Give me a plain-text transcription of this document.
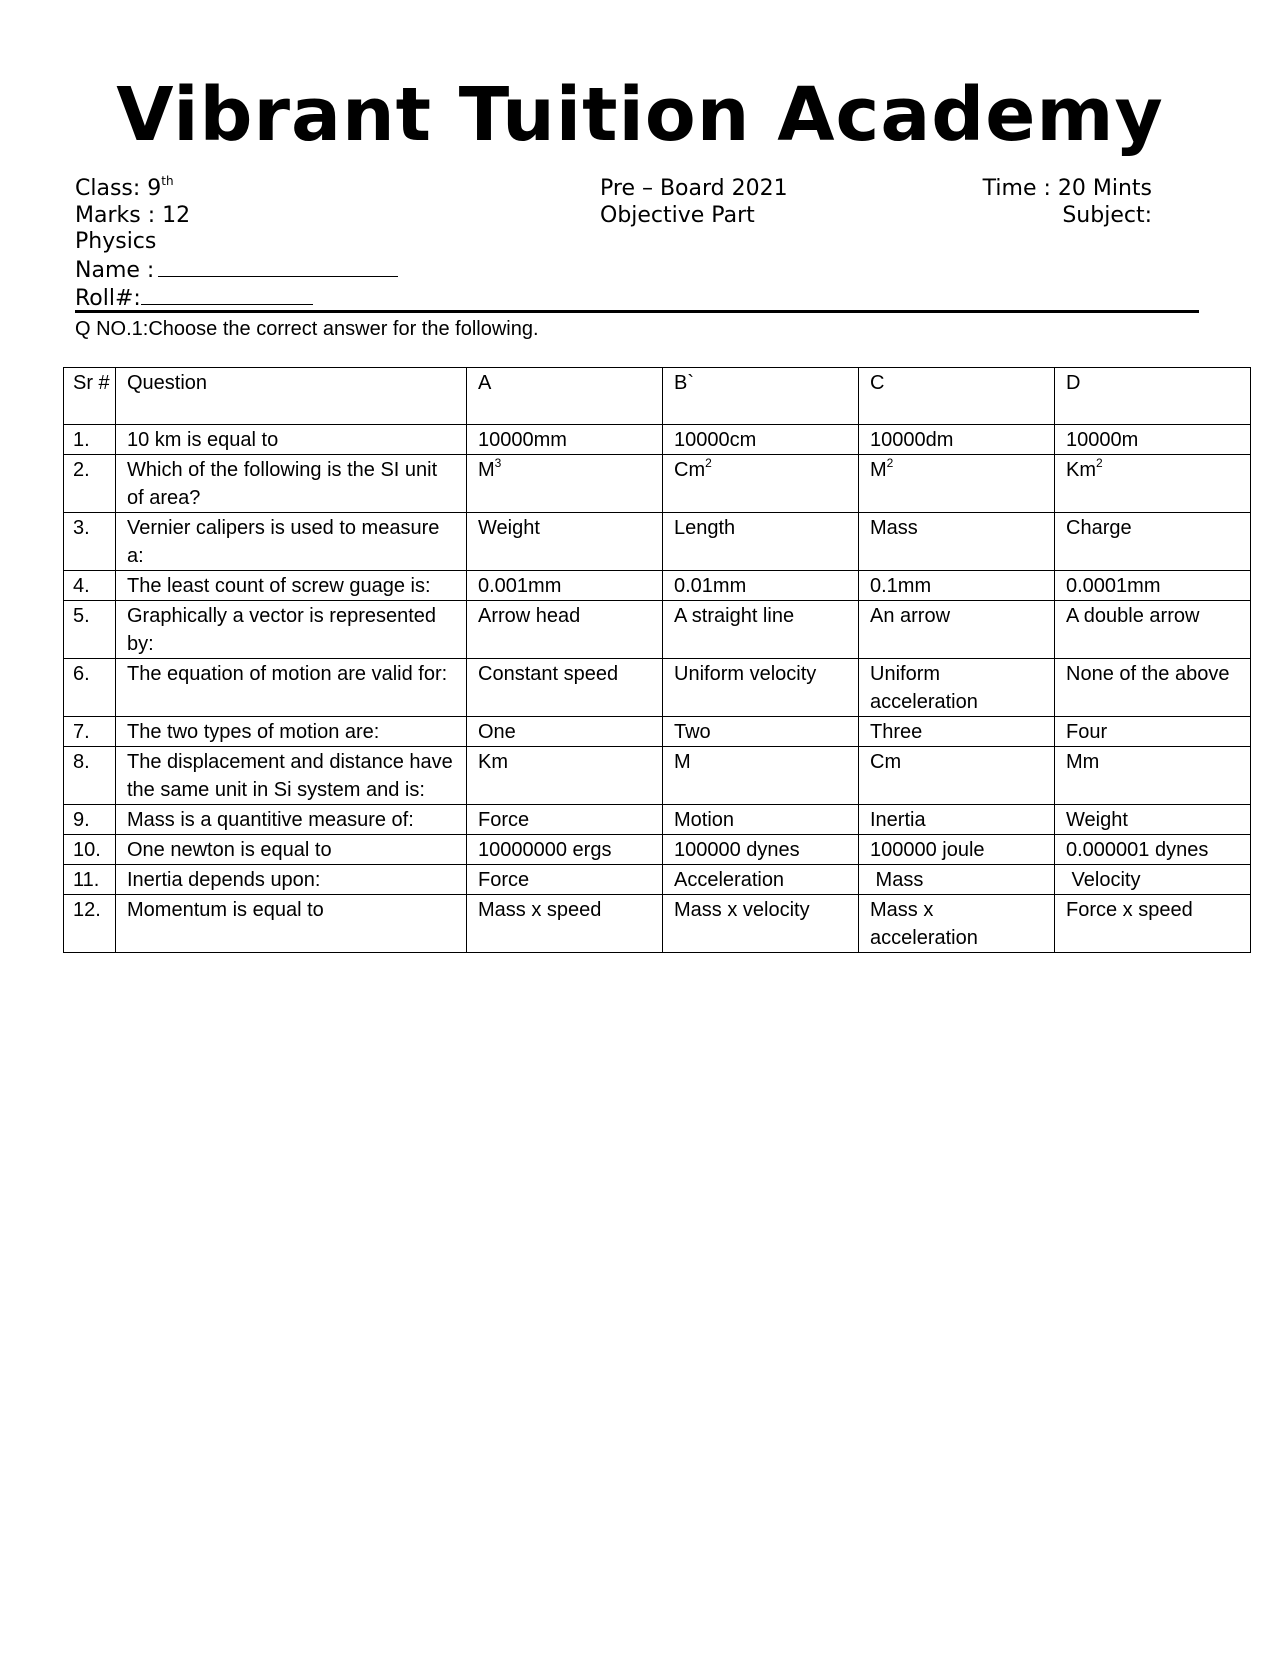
Vibrant Tuition Academy
Class: 9th
Marks : 12
Physics
Name :
Roll#:
Pre – Board 2021
Objective Part
Time : 20 Mints
Subject:
Q NO.1:Choose the correct answer for the following.
Sr #	Question	A	B`	C	D
1.	10 km is equal to	10000mm	10000cm	10000dm	10000m
2.	Which of the following is the SI unit of area?	$M^3$	Cm$^2$	$M^2$	Km$^2$
3.	Vernier calipers is used to measure a:	Weight	Length	Mass	Charge
4.	The least count of screw guage is:	0.001mm	0.01mm	0.1mm	0.0001mm
5.	Graphically a vector is represented by:	Arrow head	A straight line	An arrow	A double arrow
6.	The equation of motion are valid for:	Constant speed	Uniform velocity	Uniform acceleration	None of the above
7.	The two types of motion are:	One	Two	Three	Four
8.	The displacement and distance have the same unit in Si system and is:	Km	M	Cm	Mm
9.	Mass is a quantitive measure of:	Force	Motion	Inertia	Weight
10.	One newton is equal to	10000000 ergs	100000 dynes	100000 joule	0.000001 dynes
11.	Inertia depends upon:	Force	Acceleration	Mass	Velocity
12.	Momentum is equal to	Mass x speed	Mass x velocity	Mass x acceleration	Force x speed
